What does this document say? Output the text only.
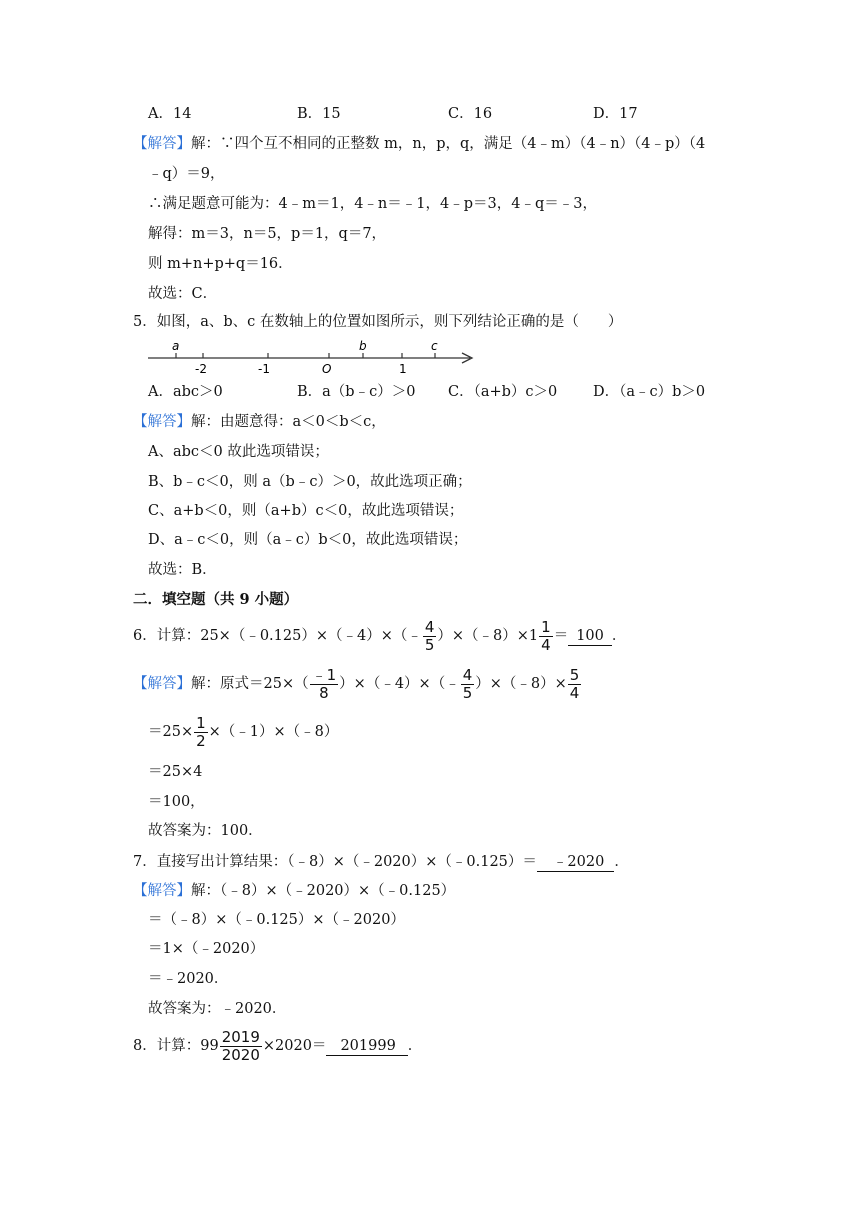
A．14	B．15	C．16	D．17
【解答】解：∵四个互不相同的正整数 m，n，p，q，满足（4﹣m）（4﹣n）（4﹣p）（4
﹣q）＝9，
∴满足题意可能为：4﹣m＝1，4﹣n＝﹣1，4﹣p＝3，4﹣q＝﹣3，
解得：m＝3，n＝5，p＝1，q＝7，
则 m+n+p+q＝16．
故选：C．
5．如图，a、b、c 在数轴上的位置如图所示，则下列结论正确的是（　　）
a	b	c
-2	-1	O	1
A．abc＞0	B．a（b﹣c）＞0 C．（a+b）c＞0 D．（a﹣c）b＞0
【解答】解：由题意得：a＜0＜b＜c，
A、abc＜0 故此选项错误；
B、b﹣c＜0，则 a（b﹣c）＞0，故此选项正确；
C、a+b＜0，则（a+b）c＜0，故此选项错误；
D、a﹣c＜0，则（a﹣c）b＜0，故此选项错误；
故选：B．
二．填空题（共 9 小题）
6．计算：25×（﹣0.125）×（﹣4）×（﹣ $\frac{4}{5}$ ）×（﹣8）×1 $\frac{1}{4} = 100$ ．
【解答】解：原式$=25\times( \frac{﹣1}{8}$ ）×（﹣4）×（﹣ $\frac{4}{5}$ ）×（﹣8）× $\frac{5}{4}$
$=25\times \frac{1}{2}$ ×（﹣1）×（﹣8）
＝25×4
＝100，
故答案为：100．
7．直接写出计算结果：（﹣8）×（﹣2020）×（﹣0.125）＝ ﹣2020 ．
【解答】解：（﹣8）×（﹣2020）×（﹣0.125）
＝（﹣8）×（﹣0.125）×（﹣2020）
＝1×（﹣2020）
＝﹣2020．
故答案为：﹣2020．
8．计算：$99 \frac{2019}{2020} \times 2020= 201999$ ．
